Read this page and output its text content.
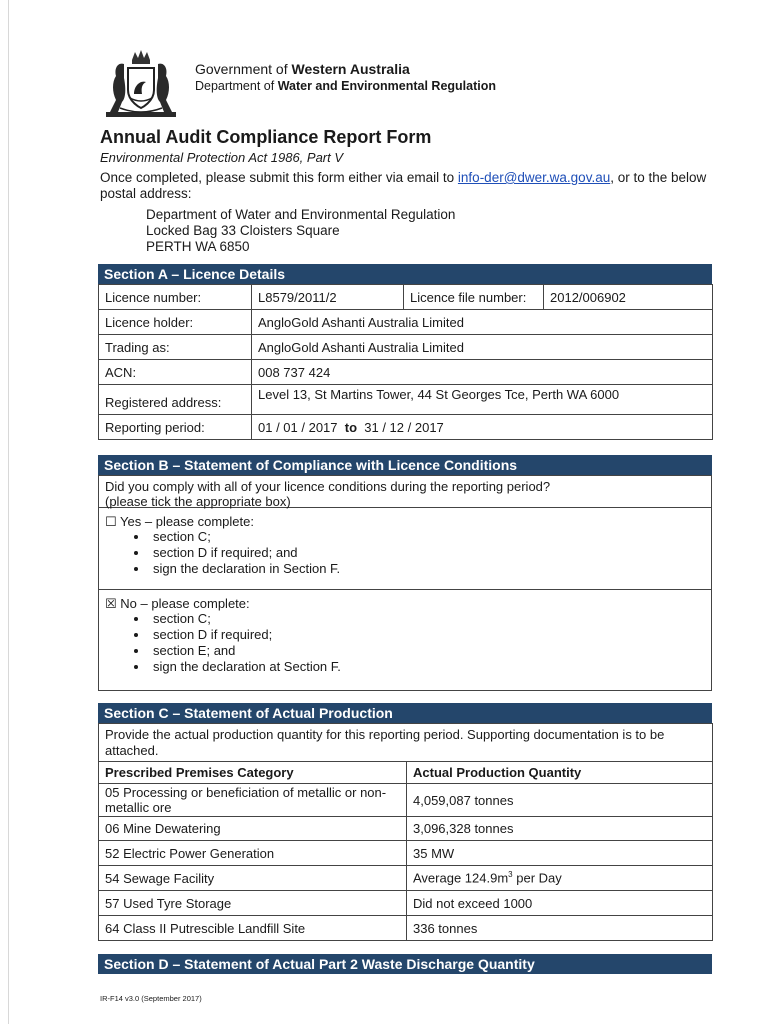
Government of Western Australia
Department of Water and Environmental Regulation
Annual Audit Compliance Report Form
Environmental Protection Act 1986, Part V
Once completed, please submit this form either via email to info-der@dwer.wa.gov.au, or to the below postal address:
Department of Water and Environmental Regulation
Locked Bag 33 Cloisters Square
PERTH WA 6850
Section A – Licence Details
Licence number:	L8579/2011/2	Licence file number:	2012/006902
Licence holder:	AngloGold Ashanti Australia Limited		
Trading as:	AngloGold Ashanti Australia Limited		
ACN:	008 737 424		
Registered address:	Level 13, St Martins Tower, 44 St Georges Tce, Perth WA 6000		
Reporting period:	01 / 01 / 2017 to 31 / 12 / 2017		
Section B – Statement of Compliance with Licence Conditions
Did you comply with all of your licence conditions during the reporting period?
(please tick the appropriate box)
☐ Yes – please complete:
• section C;
• section D if required; and
• sign the declaration in Section F.
☒ No – please complete:
• section C;
• section D if required;
• section E; and
• sign the declaration at Section F.
Section C – Statement of Actual Production
Provide the actual production quantity for this reporting period. Supporting documentation is to be attached.	
Prescribed Premises Category	Actual Production Quantity
05 Processing or beneficiation of metallic or non-metallic ore	4,059,087 tonnes
06 Mine Dewatering	3,096,328 tonnes
52 Electric Power Generation	35 MW
54 Sewage Facility	Average $124.9m^3$ per Day
57 Used Tyre Storage	Did not exceed 1000
64 Class II Putrescible Landfill Site	336 tonnes
Section D – Statement of Actual Part 2 Waste Discharge Quantity
IR-F14 v3.0 (September 2017)
